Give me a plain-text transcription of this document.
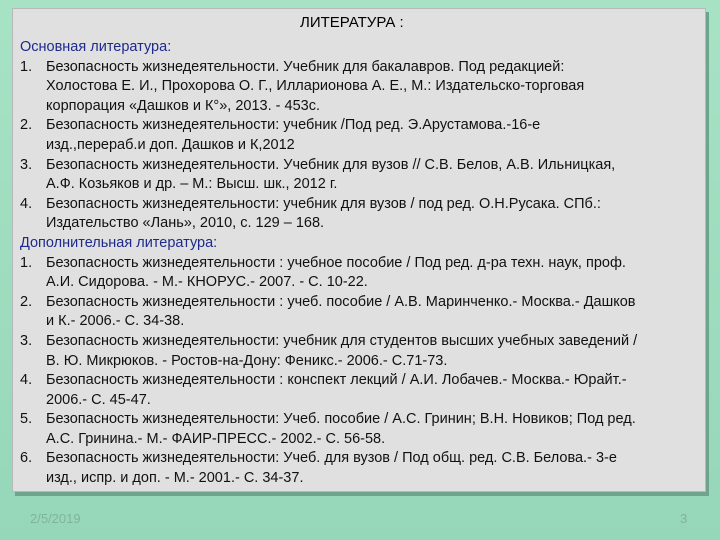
ЛИТЕРАТУРА :
Основная литература:
1. Безопасность жизнедеятельности. Учебник для бакалавров. Под редакцией:
Холостова Е. И., Прохорова О. Г., Илларионова А. Е., М.: Издательско-торговая
корпорация «Дашков и К°», 2013. - 453с.
2. Безопасность жизнедеятельности: учебник /Под ред. Э.Арустамова.-16-е
изд.,перераб.и доп. Дашков и К,2012
3. Безопасность жизнедеятельности. Учебник для вузов // С.В. Белов, А.В. Ильницкая,
А.Ф. Козьяков и др. – М.: Высш. шк., 2012 г.
4. Безопасность жизнедеятельности: учебник для вузов / под ред. О.Н.Русака. СПб.:
Издательство «Лань», 2010, с. 129 – 168.
Дополнительная литература:
1. Безопасность жизнедеятельности : учебное пособие / Под ред. д-ра техн. наук, проф.
А.И. Сидорова. - М.- КНОРУС.- 2007. - С. 10-22.
2. Безопасность жизнедеятельности : учеб. пособие / А.В. Маринченко.- Москва.- Дашков
и К.- 2006.- С. 34-38.
3. Безопасность жизнедеятельности: учебник для студентов высших учебных заведений /
В. Ю. Микрюков. - Ростов-на-Дону: Феникс.- 2006.- С.71-73.
4. Безопасность жизнедеятельности : конспект лекций / А.И. Лобачев.- Москва.- Юрайт.-
2006.- С. 45-47.
5. Безопасность жизнедеятельности: Учеб. пособие / А.С. Гринин; В.Н. Новиков; Под ред.
А.С. Гринина.- М.- ФАИР-ПРЕСС.- 2002.- С. 56-58.
6. Безопасность жизнедеятельности: Учеб. для вузов / Под общ. ред. С.В. Белова.- 3-е
изд., испр. и доп. - М.- 2001.- С. 34-37.
2/5/2019	3
